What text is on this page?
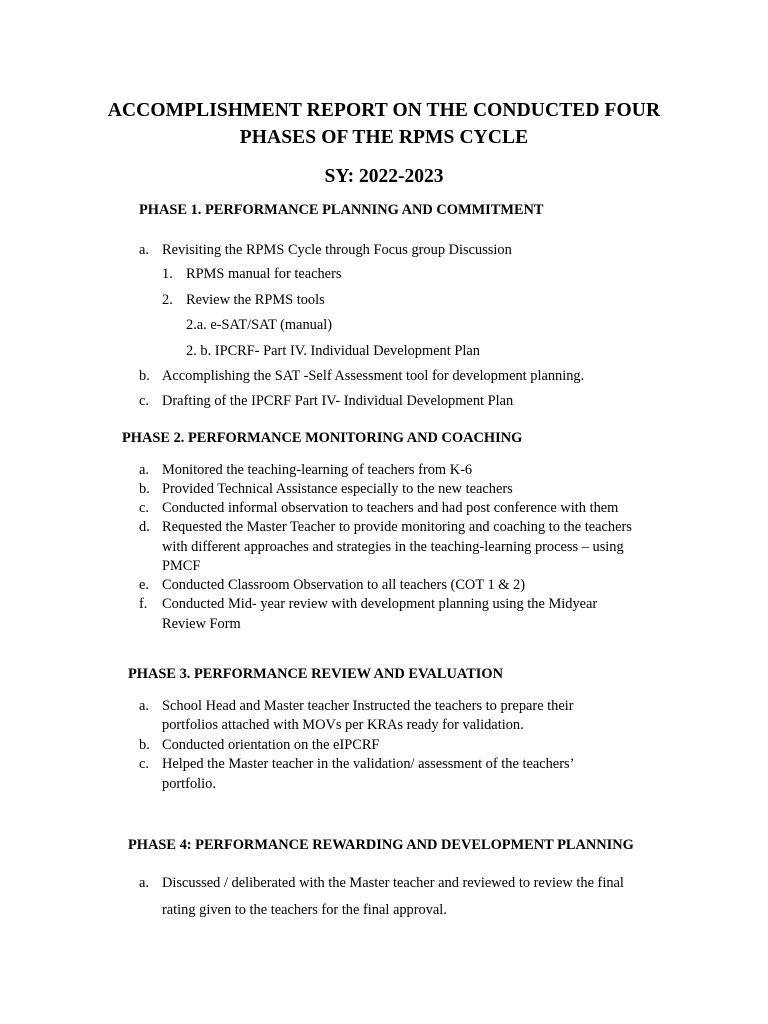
ACCOMPLISHMENT REPORT ON THE CONDUCTED FOUR
PHASES OF THE RPMS CYCLE
SY: 2022-2023
PHASE 1. PERFORMANCE PLANNING AND COMMITMENT
a. Revisiting the RPMS Cycle through Focus group Discussion
1. RPMS manual for teachers
2. Review the RPMS tools
2.a. e-SAT/SAT (manual)
2. b. IPCRF- Part IV. Individual Development Plan
b. Accomplishing the SAT -Self Assessment tool for development planning.
c. Drafting of the IPCRF Part IV- Individual Development Plan
PHASE 2. PERFORMANCE MONITORING AND COACHING
a. Monitored the teaching-learning of teachers from K-6
b. Provided Technical Assistance especially to the new teachers
c. Conducted informal observation to teachers and had post conference with them
d. Requested the Master Teacher to provide monitoring and coaching to the teachers
with different approaches and strategies in the teaching-learning process – using
PMCF
e. Conducted Classroom Observation to all teachers (COT 1 & 2)
f. Conducted Mid- year review with development planning using the Midyear
Review Form
PHASE 3. PERFORMANCE REVIEW AND EVALUATION
a. School Head and Master teacher Instructed the teachers to prepare their
portfolios attached with MOVs per KRAs ready for validation.
b. Conducted orientation on the eIPCRF
c. Helped the Master teacher in the validation/ assessment of the teachers’
portfolio.
PHASE 4: PERFORMANCE REWARDING AND DEVELOPMENT PLANNING
a. Discussed / deliberated with the Master teacher and reviewed to review the final
rating given to the teachers for the final approval.
